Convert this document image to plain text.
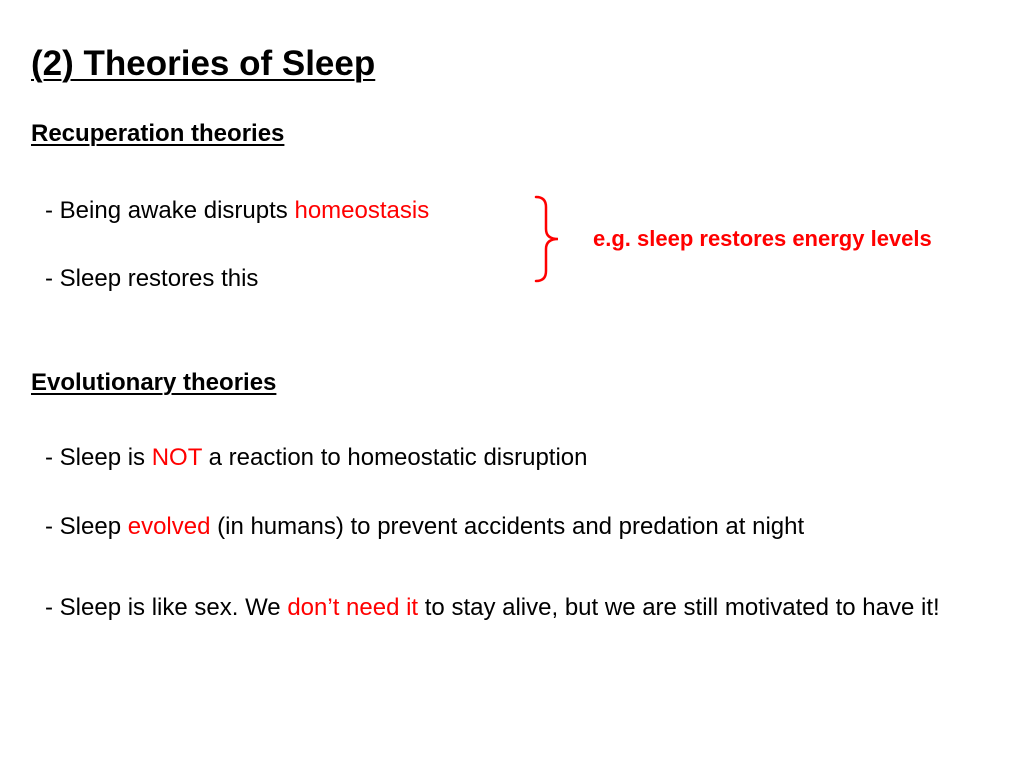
(2) Theories of Sleep
Recuperation theories
- Being awake disrupts homeostasis
- Sleep restores this
e.g. sleep restores energy levels
Evolutionary theories
- Sleep is NOT a reaction to homeostatic disruption
- Sleep evolved (in humans) to prevent accidents and predation at night
- Sleep is like sex. We don’t need it to stay alive, but we are still motivated to have it!
